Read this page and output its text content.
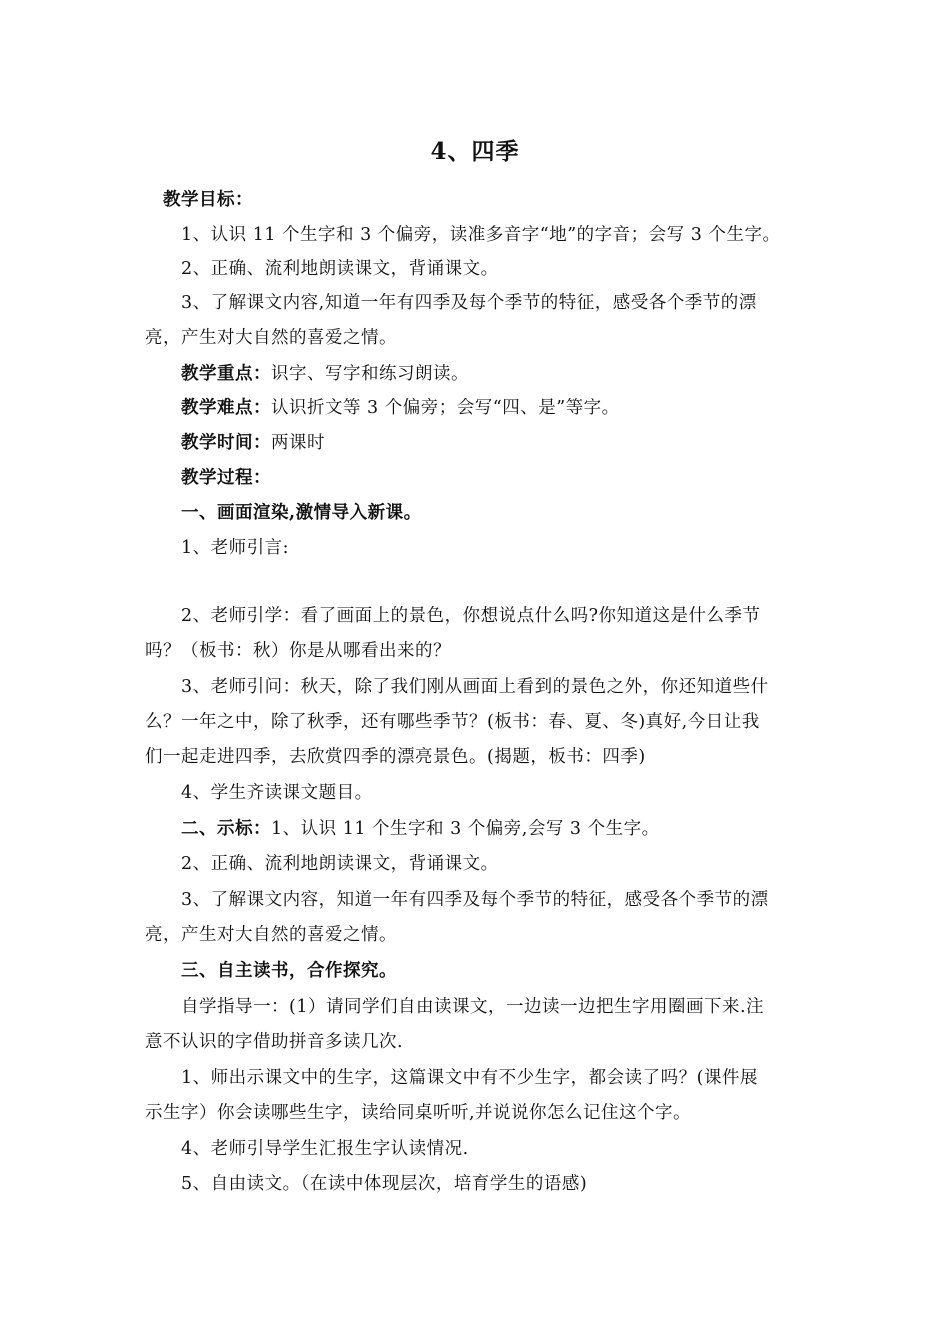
4、四季
教学目标：
1、认识 11 个生字和 3 个偏旁，读准多音字“地”的字音；会写 3 个生字。
2、正确、流利地朗读课文，背诵课文。
3、了解课文内容,知道一年有四季及每个季节的特征，感受各个季节的漂
亮，产生对大自然的喜爱之情。
教学重点：识字、写字和练习朗读。
教学难点：认识折文等 3 个偏旁；会写“四、是”等字。
教学时间：两课时
教学过程：
一、画面渲染,激情导入新课。
1、老师引言:
2、老师引学：看了画面上的景色，你想说点什么吗?你知道这是什么季节
吗？（板书：秋）你是从哪看出来的？
3、老师引问：秋天，除了我们刚从画面上看到的景色之外，你还知道些什
么？一年之中，除了秋季，还有哪些季节？(板书：春、夏、冬)真好,今日让我
们一起走进四季，去欣赏四季的漂亮景色。(揭题，板书：四季)
4、学生齐读课文题目。
二、示标：1、认识 11 个生字和 3 个偏旁,会写 3 个生字。
2、正确、流利地朗读课文，背诵课文。
3、了解课文内容，知道一年有四季及每个季节的特征，感受各个季节的漂
亮，产生对大自然的喜爱之情。
三、自主读书，合作探究。
自学指导一：(1）请同学们自由读课文，一边读一边把生字用圈画下来.注
意不认识的字借助拼音多读几次.
1、师出示课文中的生字，这篇课文中有不少生字，都会读了吗？(课件展
示生字）你会读哪些生字，读给同桌听听,并说说你怎么记住这个字。
4、老师引导学生汇报生字认读情况.
5、自由读文。（在读中体现层次，培育学生的语感)
